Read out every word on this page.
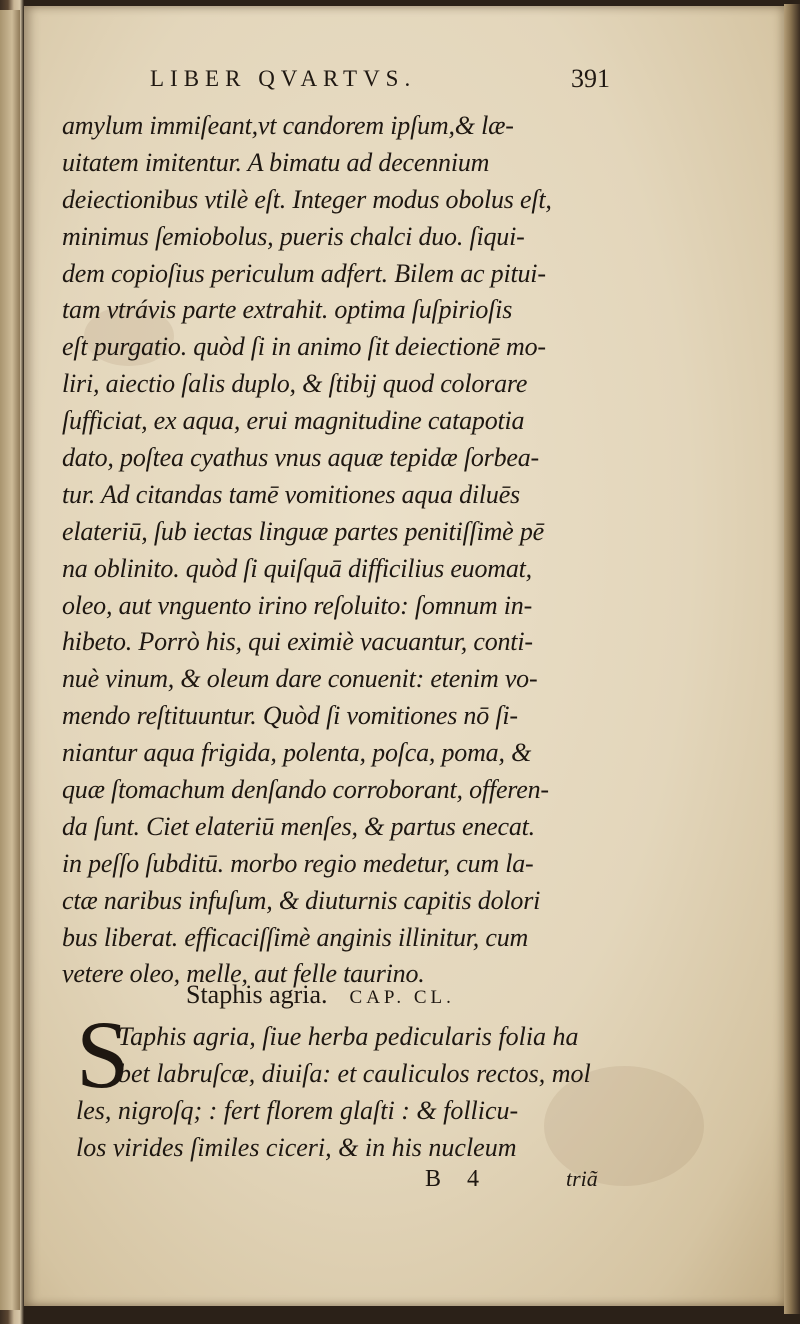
LIBER QVARTVS.	391
amylum immiſeant,vt candorem ipſum,& læ-
uitatem imitentur. A bimatu ad decennium
deiectionibus vtilè eſt. Integer modus obolus eſt,
minimus ſemiobolus, pueris chalci duo. ſiqui-
dem copioſius periculum adfert. Bilem ac pitui-
tam vtrávis parte extrahit. optima ſuſpirioſis
eſt purgatio. quòd ſi in animo ſit deiectionē mo-
liri, aiectio ſalis duplo, & ſtibij quod colorare
ſufficiat, ex aqua, erui magnitudine catapotia
dato, poſtea cyathus vnus aquæ tepidæ ſorbea-
tur. Ad citandas tamē vomitiones aqua diluēs
elateriū, ſub iectas linguæ partes penitiſſimè pē
na oblinito. quòd ſi quiſquā difficilius euomat,
oleo, aut vnguento irino reſoluito: ſomnum in-
hibeto. Porrò his, qui eximiè vacuantur, conti-
nuè vinum, & oleum dare conuenit: etenim vo-
mendo reſtituuntur. Quòd ſi vomitiones nō ſi-
niantur aqua frigida, polenta, poſca, poma, &
quæ ſtomachum denſando corroborant, offeren-
da ſunt. Ciet elateriū menſes, & partus enecat.
in peſſo ſubditū. morbo regio medetur, cum la-
ctæ naribus infuſum, & diuturnis capitis dolori
bus liberat. efficaciſſimè anginis illinitur, cum
vetere oleo, melle, aut felle taurino.
Staphis agria. CAP. CL.
S
Taphis agria, ſiue herba pedicularis folia ha
bet labruſcæ, diuiſa: et cauliculos rectos, mol
les, nigroſq; : fert florem glaſti : & follicu-
los virides ſimiles ciceri, & in his nucleum
B 4	triã
